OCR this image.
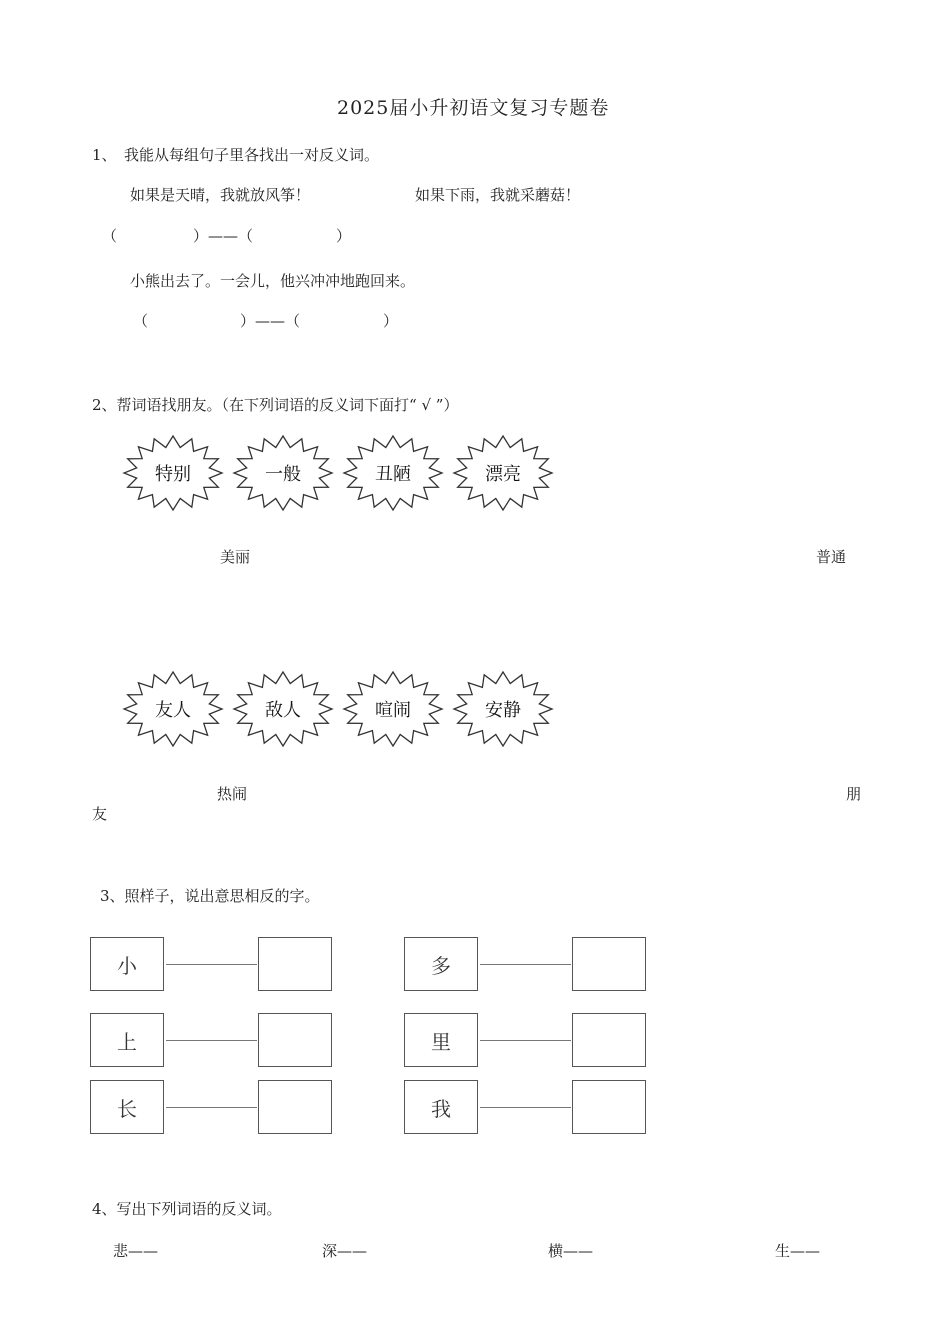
2025届小升初语文复习专题卷
1、　我能从每组句子里各找出一对反义词。
如果是天晴，我就放风筝！	如果下雨，我就采蘑菇！
（	）——（	）
小熊出去了。一会儿，他兴冲冲地跑回来。
（	）——（	）
2、帮词语找朋友。（在下列词语的反义词下面打“ √ ”）
特别	一般	丑陋	漂亮
美丽	普通
友人	敌人	喧闹	安静
热闹	朋
友
3、照样子，说出意思相反的字。
小	多
上	里
长	我
4、写出下列词语的反义词。
悲——	深——	横——	生——
